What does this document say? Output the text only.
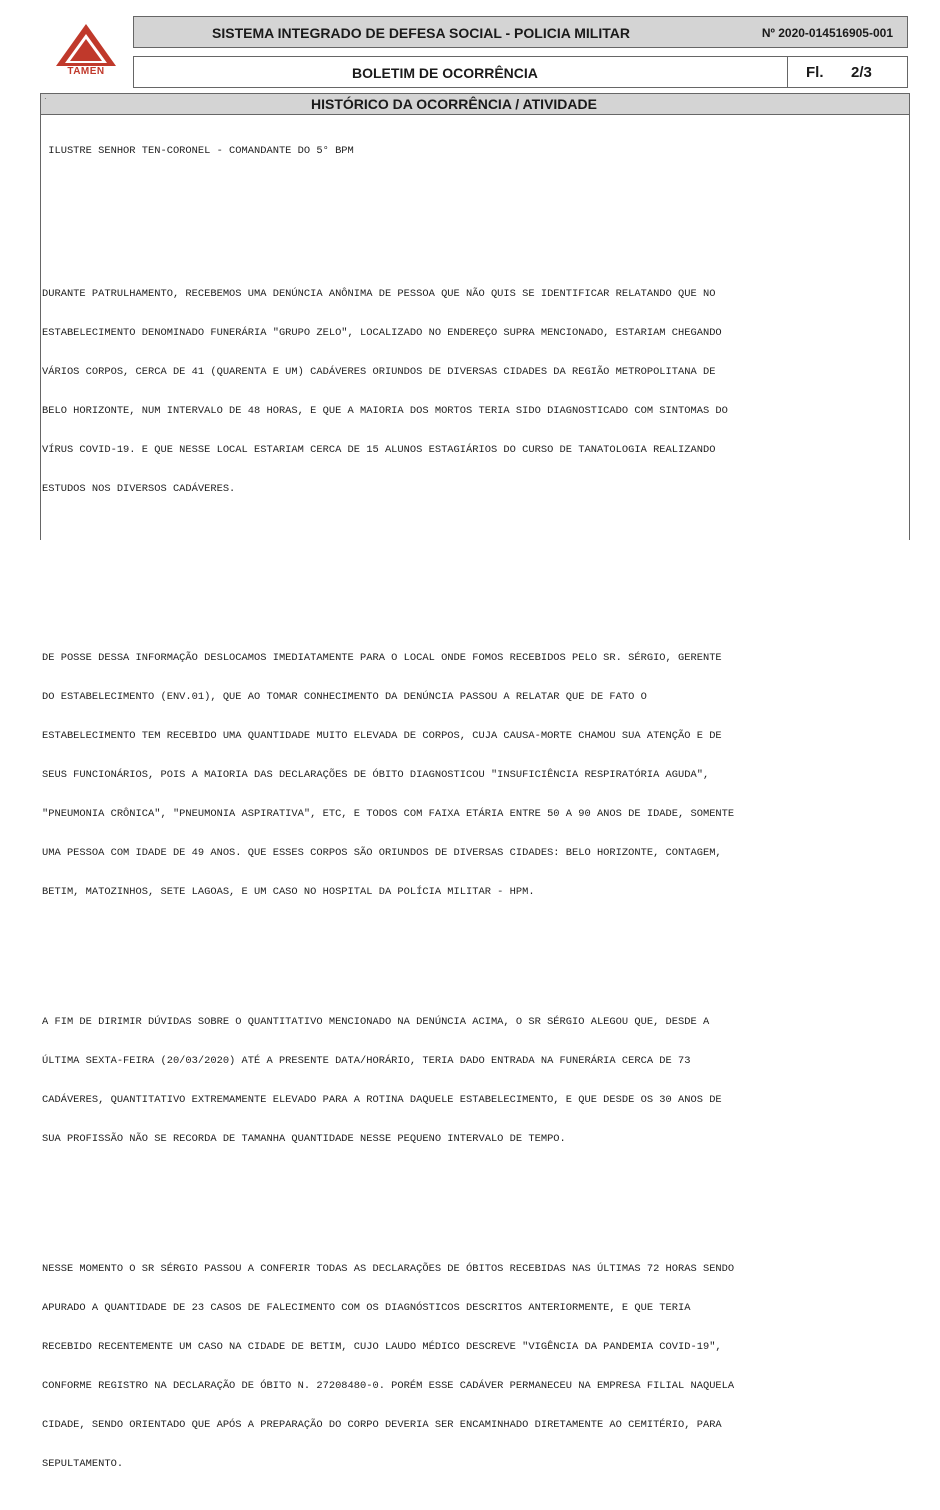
TAMEN
SISTEMA INTEGRADO DE DEFESA SOCIAL - POLICIA MILITAR	Nº 2020-014516905-001
BOLETIM DE OCORRÊNCIA	Fl. 2/3
·	HISTÓRICO DA OCORRÊNCIA / ATIVIDADE

ILUSTRE SENHOR TEN-CORONEL - COMANDANTE DO 5° BPM

DURANTE PATRULHAMENTO, RECEBEMOS UMA DENÚNCIA ANÔNIMA DE PESSOA QUE NÃO QUIS SE IDENTIFICAR RELATANDO QUE NO

ESTABELECIMENTO DENOMINADO FUNERÁRIA "GRUPO ZELO", LOCALIZADO NO ENDEREÇO SUPRA MENCIONADO, ESTARIAM CHEGANDO

VÁRIOS CORPOS, CERCA DE 41 (QUARENTA E UM) CADÁVERES ORIUNDOS DE DIVERSAS CIDADES DA REGIÃO METROPOLITANA DE

BELO HORIZONTE, NUM INTERVALO DE 48 HORAS, E QUE A MAIORIA DOS MORTOS TERIA SIDO DIAGNOSTICADO COM SINTOMAS DO

VÍRUS COVID-19. E QUE NESSE LOCAL ESTARIAM CERCA DE 15 ALUNOS ESTAGIÁRIOS DO CURSO DE TANATOLOGIA REALIZANDO

ESTUDOS NOS DIVERSOS CADÁVERES.

DE POSSE DESSA INFORMAÇÃO DESLOCAMOS IMEDIATAMENTE PARA O LOCAL ONDE FOMOS RECEBIDOS PELO SR. SÉRGIO, GERENTE

DO ESTABELECIMENTO (ENV.01), QUE AO TOMAR CONHECIMENTO DA DENÚNCIA PASSOU A RELATAR QUE DE FATO O

ESTABELECIMENTO TEM RECEBIDO UMA QUANTIDADE MUITO ELEVADA DE CORPOS, CUJA CAUSA-MORTE CHAMOU SUA ATENÇÃO E DE

SEUS FUNCIONÁRIOS, POIS A MAIORIA DAS DECLARAÇÕES DE ÓBITO DIAGNOSTICOU "INSUFICIÊNCIA RESPIRATÓRIA AGUDA",

"PNEUMONIA CRÔNICA", "PNEUMONIA ASPIRATIVA", ETC, E TODOS COM FAIXA ETÁRIA ENTRE 50 A 90 ANOS DE IDADE, SOMENTE

UMA PESSOA COM IDADE DE 49 ANOS. QUE ESSES CORPOS SÃO ORIUNDOS DE DIVERSAS CIDADES: BELO HORIZONTE, CONTAGEM,

BETIM, MATOZINHOS, SETE LAGOAS, E UM CASO NO HOSPITAL DA POLÍCIA MILITAR - HPM.

A FIM DE DIRIMIR DÚVIDAS SOBRE O QUANTITATIVO MENCIONADO NA DENÚNCIA ACIMA, O SR SÉRGIO ALEGOU QUE, DESDE A

ÚLTIMA SEXTA-FEIRA (20/03/2020) ATÉ A PRESENTE DATA/HORÁRIO, TERIA DADO ENTRADA NA FUNERÁRIA CERCA DE 73

CADÁVERES, QUANTITATIVO EXTREMAMENTE ELEVADO PARA A ROTINA DAQUELE ESTABELECIMENTO, E QUE DESDE OS 30 ANOS DE

SUA PROFISSÃO NÃO SE RECORDA DE TAMANHA QUANTIDADE NESSE PEQUENO INTERVALO DE TEMPO.

NESSE MOMENTO O SR SÉRGIO PASSOU A CONFERIR TODAS AS DECLARAÇÕES DE ÓBITOS RECEBIDAS NAS ÚLTIMAS 72 HORAS SENDO

APURADO A QUANTIDADE DE 23 CASOS DE FALECIMENTO COM OS DIAGNÓSTICOS DESCRITOS ANTERIORMENTE, E QUE TERIA

RECEBIDO RECENTEMENTE UM CASO NA CIDADE DE BETIM, CUJO LAUDO MÉDICO DESCREVE "VIGÊNCIA DA PANDEMIA COVID-19",

CONFORME REGISTRO NA DECLARAÇÃO DE ÓBITO N. 27208480-0. PORÉM ESSE CADÁVER PERMANECEU NA EMPRESA FILIAL NAQUELA

CIDADE, SENDO ORIENTADO QUE APÓS A PREPARAÇÃO DO CORPO DEVERIA SER ENCAMINHADO DIRETAMENTE AO CEMITÉRIO, PARA

SEPULTAMENTO.
